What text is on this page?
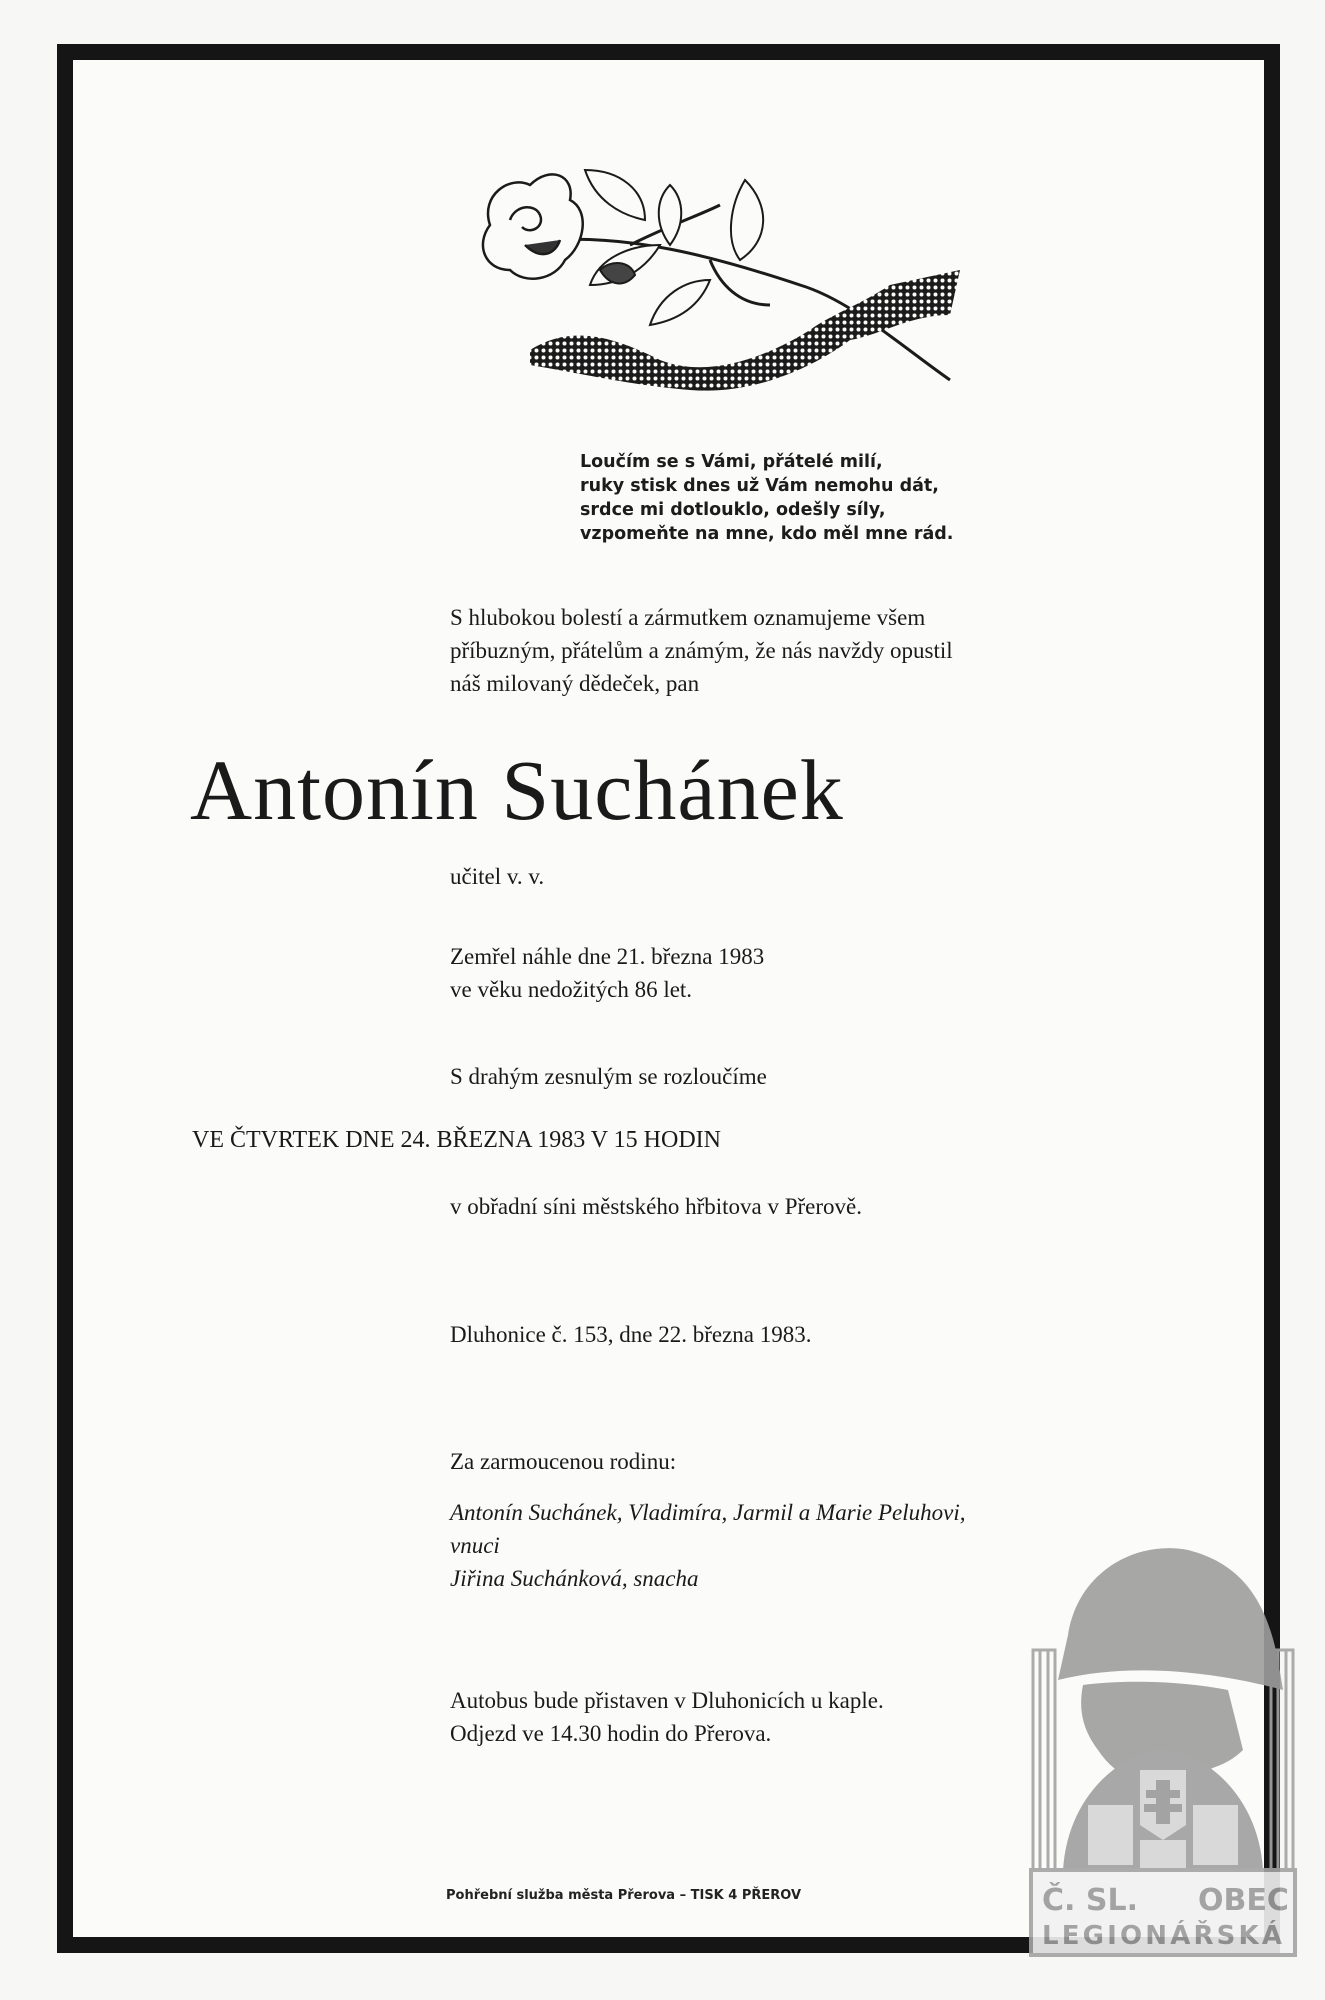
Loučím se s Vámi, přátelé milí,
ruky stisk dnes už Vám nemohu dát,
srdce mi dotlouklo, odešly síly,
vzpomeňte na mne, kdo měl mne rád.
S hlubokou bolestí a zármutkem oznamujeme všem
příbuzným, přátelům a známým, že nás navždy opustil
náš milovaný dědeček, pan
Antonín Suchánek
učitel v. v.
Zemřel náhle dne 21. března 1983
ve věku nedožitých 86 let.
S drahým zesnulým se rozloučíme
VE ČTVRTEK DNE 24. BŘEZNA 1983 V 15 HODIN
v obřadní síni městského hřbitova v Přerově.
Dluhonice č. 153, dne 22. března 1983.
Za zarmoucenou rodinu:
Antonín Suchánek, Vladimíra, Jarmil a Marie Peluhovi,
vnuci
Jiřina Suchánková, snacha
Autobus bude přistaven v Dluhonicích u kaple.
Odjezd ve 14.30 hodin do Přerova.
Pohřební služba města Přerova – TISK 4 PŘEROV	Č. SL. OBEC
LEGIONÁŘSKÁ
